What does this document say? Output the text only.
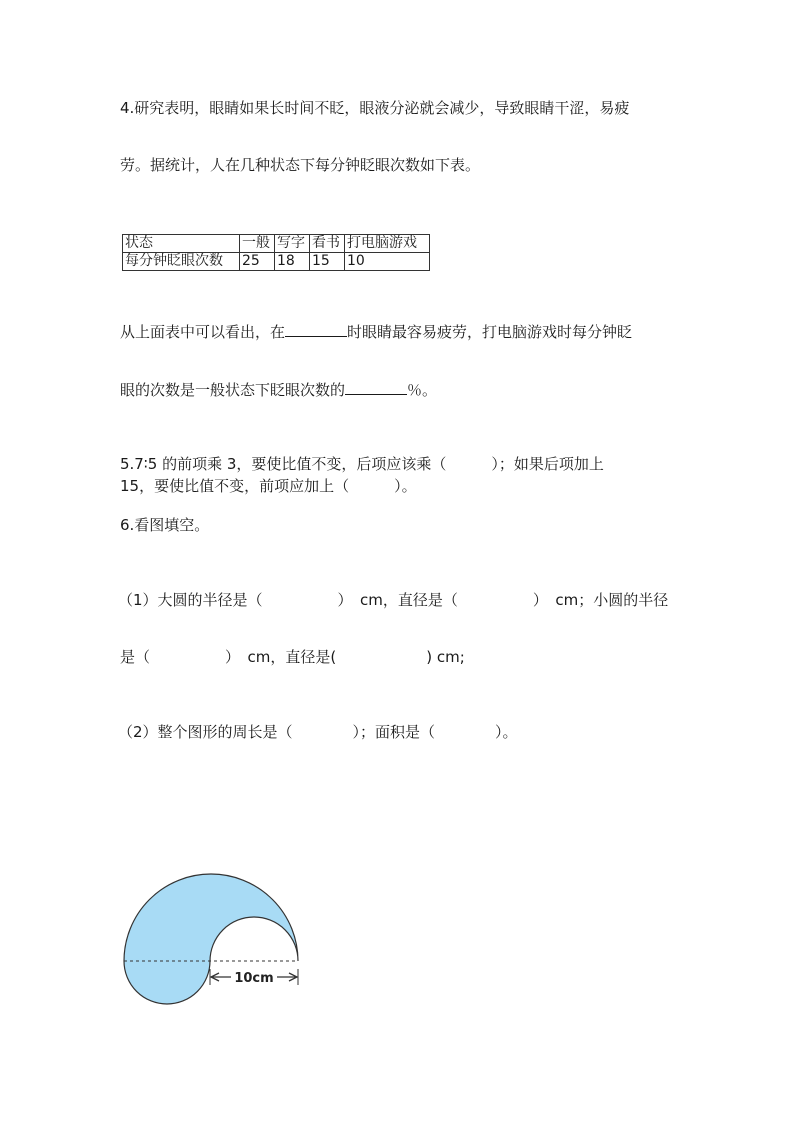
4.研究表明，眼睛如果长时间不眨，眼液分泌就会减少，导致眼睛干涩，易疲
劳。据统计，人在几种状态下每分钟眨眼次数如下表。
状态	一般	写字	看书	打电脑游戏
每分钟眨眼次数	25	18	15	10
从上面表中可以看出，在	时眼睛最容易疲劳，打电脑游戏时每分钟眨
眼的次数是一般状态下眨眼次数的	％。
5.7∶5 的前项乘 3，要使比值不变，后项应该乘（　　　）；如果后项加上
15，要使比值不变，前项应加上（　　　）。
6.看图填空。
（1）大圆的半径是（　　　　　）　cm，直径是（　　　　　）　cm；小圆的半径
是（　　　　　）　cm，直径是(　　　　　　) cm;
（2）整个图形的周长是（　　　　）；面积是（　　　　）。
10cm
